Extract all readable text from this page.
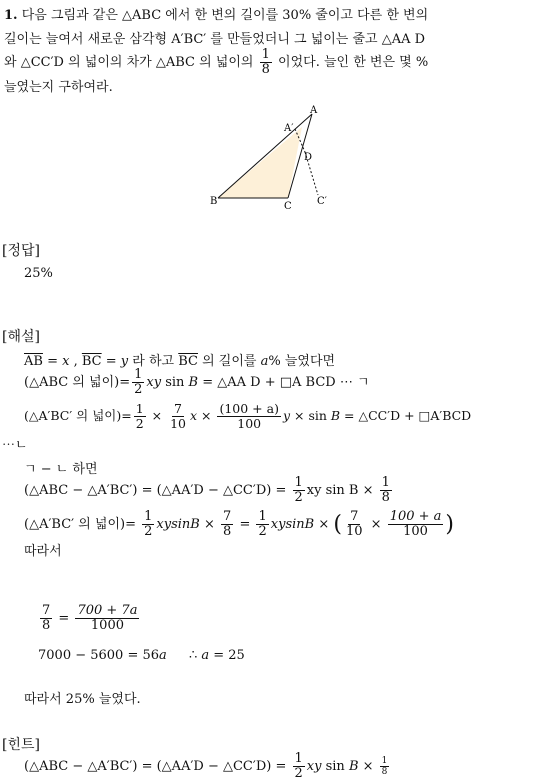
1. 다음 그림과 같은 △ABC 에서 한 변의 길이를 30% 줄이고 다른 한 변의
길이는 늘여서 새로운 삼각형 A′BC′ 를 만들었더니 그 넓이는 줄고 △AA D
와 △CC′D 의 넓이의 차가 △ABC 의 넓이의 $\frac{1}{8}$ 이었다. 늘인 한 변은 몇 %
늘였는지 구하여라.
A
A′
D
B	C	C′
[정답]
25%
[해설]
$\overline{AB} = x$ , $\overline{BC} = y$ 라 하고 $\overline{BC}$ 의 길이를 a% 늘였다면
(△ABC 의 넓이)= $\frac{1}{2}$ xy sin B = △AA D + □A BCD ⋯ ㄱ
(△A′BC′ 의 넓이)= $\frac{1}{2} \times \frac{7}{10}$ $x \times \frac{(100 + a)}{100}$ y × sin B = △CC′D + □A′BCD
⋯ㄴ
ㄱ − ㄴ 하면
(△ABC − △A′BC′) = (△AA′D − △CC′D) = $\frac{1}{2}$ xy $\sin B \times \frac{1}{8}$
(△A′BC′ 의 넓이)= $\frac{1}{2}$ $xysinB \times \frac{7}{8} = \frac{1}{2}$ xysinB × ( $\frac{7}{10} \times \frac{100 + a}{100}$ )
따라서
$\frac{7}{8} = \frac{700 + 7a}{1000}$
7000 − 5600 = 56a ∴ a = 25
따라서 25% 늘였다.
[힌트]
(△ABC − △A′BC′) = (△AA′D − △CC′D) = $\frac{1}{2}$ xy $\sin B \times \frac{1}{8}$
